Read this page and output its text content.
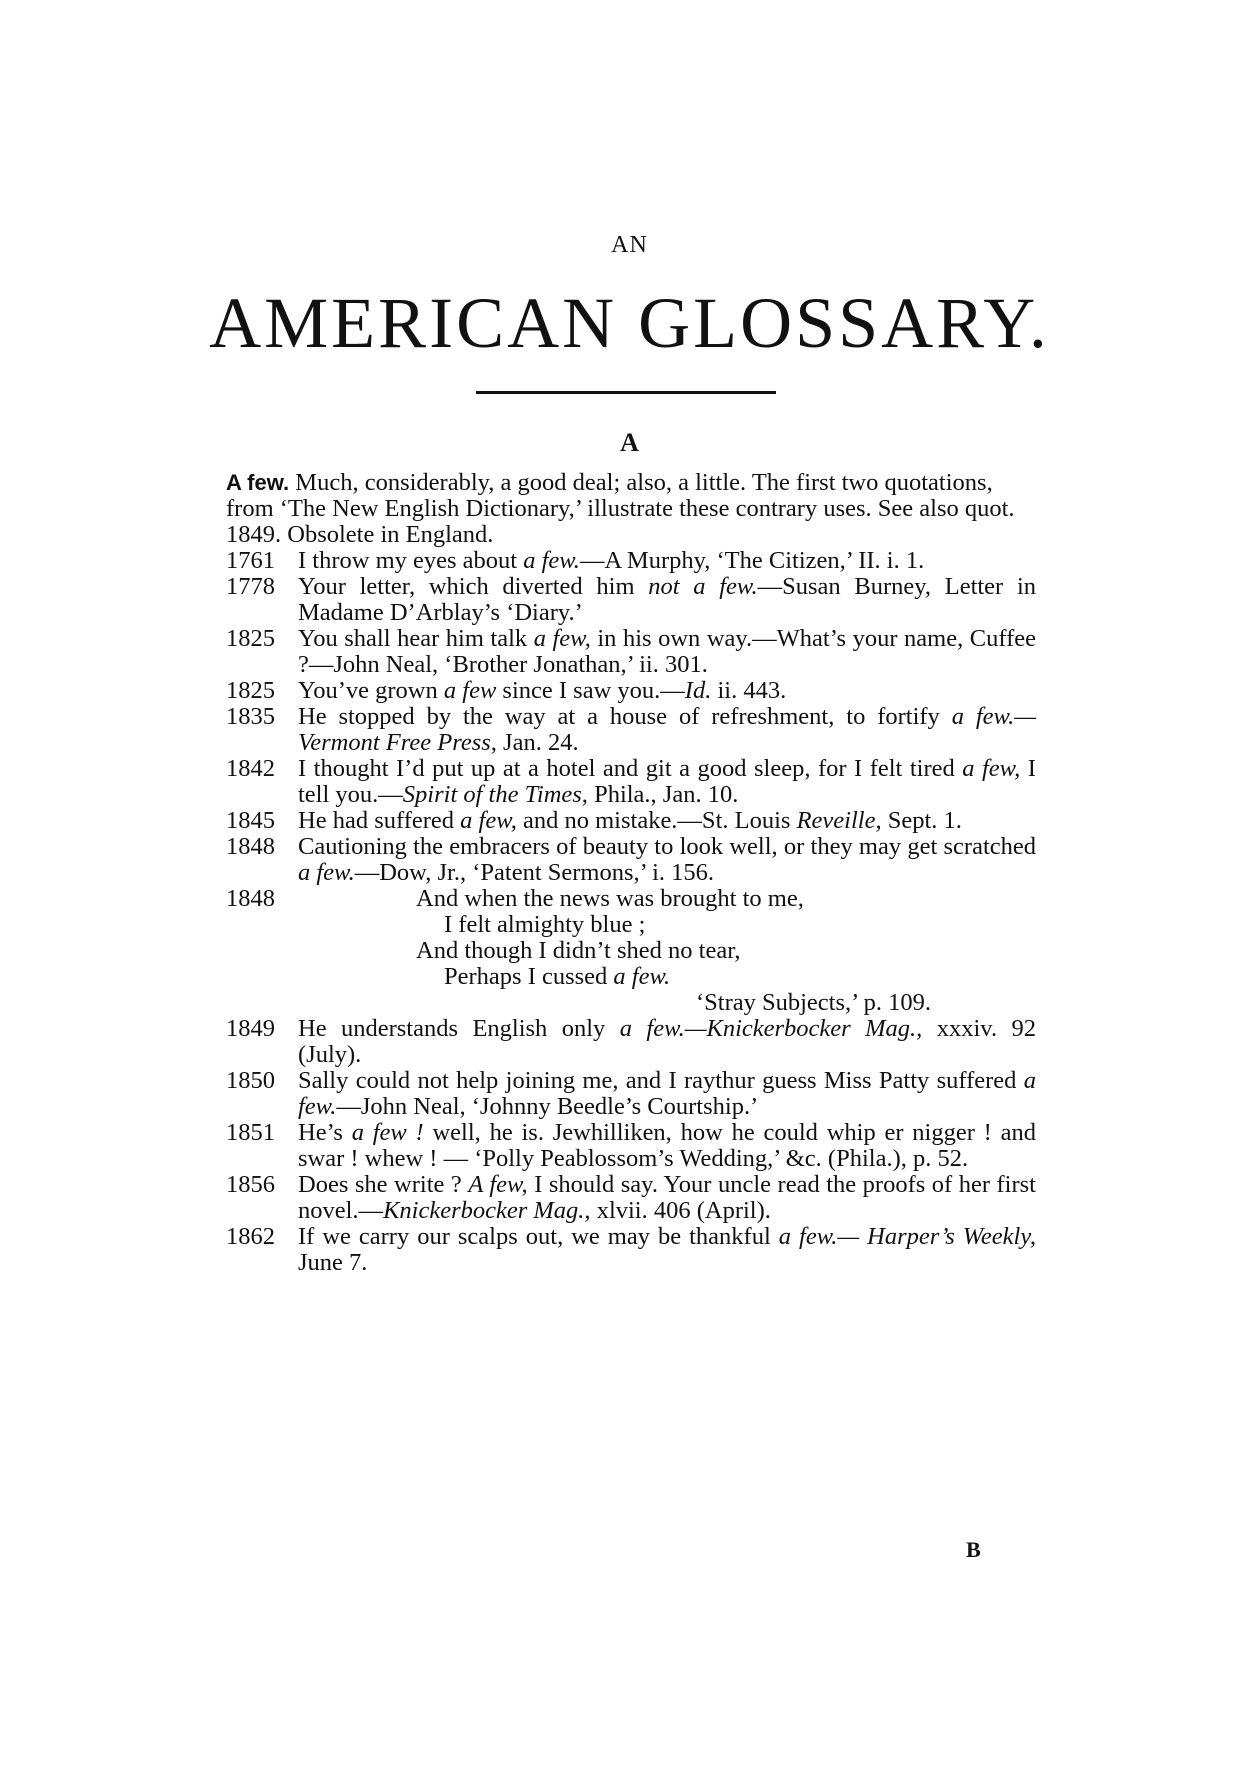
AN
AMERICAN GLOSSARY.
A
A few. Much, considerably, a good deal; also, a little. The first two quotations, from ‘The New English Dictionary,’ illustrate these contrary uses. See also quot. 1849. Obsolete in England.
1761 I throw my eyes about a few.—A Murphy, ‘The Citizen,’ II. i. 1.
1778 Your letter, which diverted him not a few.—Susan Burney, Letter in Madame D’Arblay’s ‘Diary.’
1825 You shall hear him talk a few, in his own way.—What’s your name, Cuffee ?—John Neal, ‘Brother Jonathan,’ ii. 301.
1825 You’ve grown a few since I saw you.—Id. ii. 443.
1835 He stopped by the way at a house of refreshment, to fortify a few.—Vermont Free Press, Jan. 24.
1842 I thought I’d put up at a hotel and git a good sleep, for I felt tired a few, I tell you.—Spirit of the Times, Phila., Jan. 10.
1845 He had suffered a few, and no mistake.—St. Louis Reveille, Sept. 1.
1848 Cautioning the embracers of beauty to look well, or they may get scratched a few.—Dow, Jr., ‘Patent Sermons,’ i. 156.
1848	And when the news was brought to me,
I felt almighty blue ;
And though I didn’t shed no tear,
Perhaps I cussed a few.
‘Stray Subjects,’ p. 109.
1849 He understands English only a few.—Knickerbocker Mag., xxxiv. 92 (July).
1850 Sally could not help joining me, and I raythur guess Miss Patty suffered a few.—John Neal, ‘Johnny Beedle’s Courtship.’
1851 He’s a few ! well, he is. Jewhilliken, how he could whip er nigger ! and swar ! whew ! — ‘Polly Peablossom’s Wedding,’ &c. (Phila.), p. 52.
1856 Does she write ? A few, I should say. Your uncle read the proofs of her first novel.—Knickerbocker Mag., xlvii. 406 (April).
1862 If we carry our scalps out, we may be thankful a few.— Harper’s Weekly, June 7.
B
